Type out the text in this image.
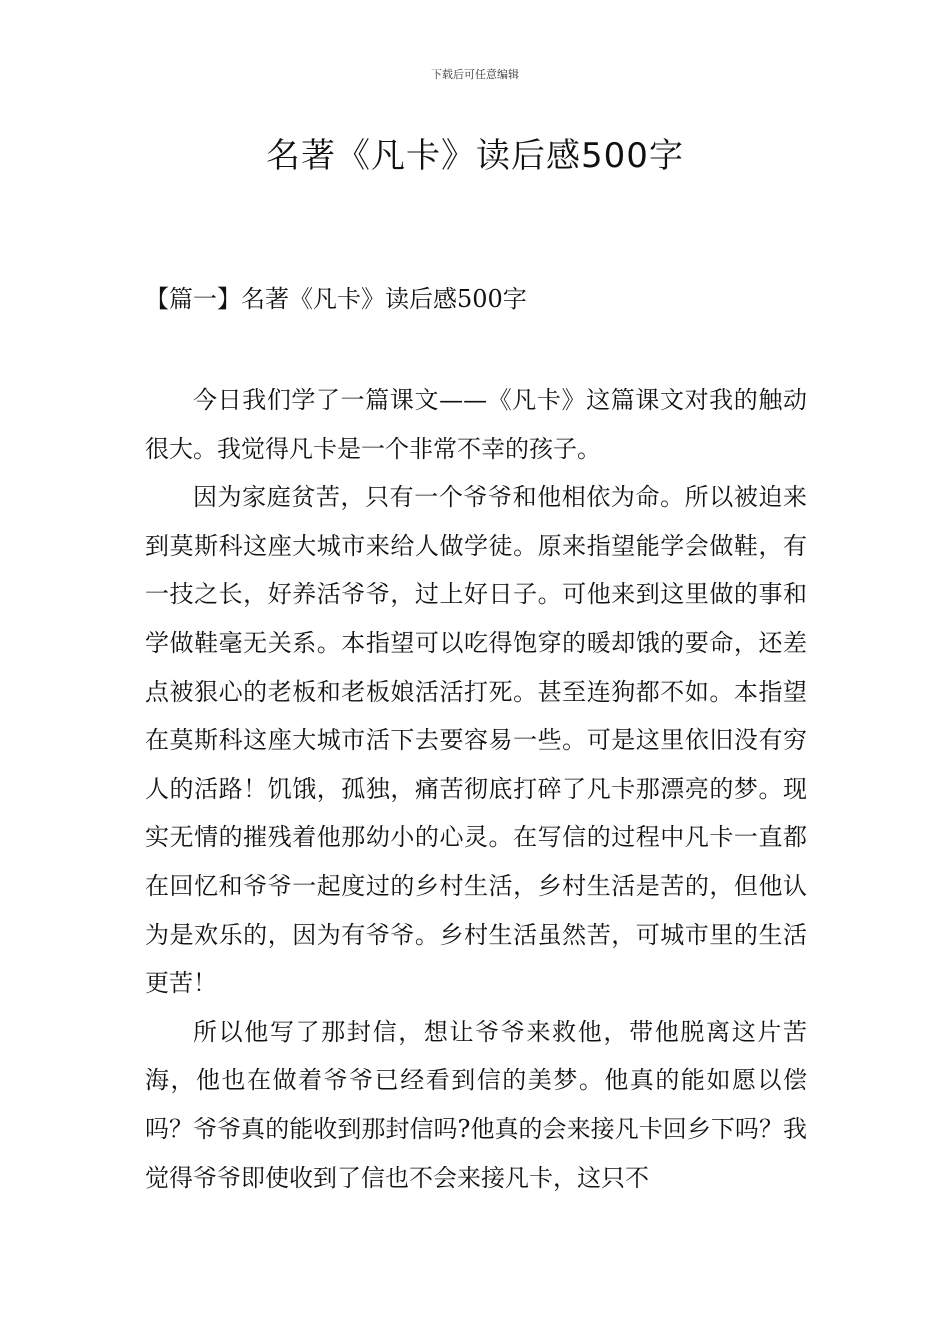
下载后可任意编辑
名著《凡卡》读后感500字
【篇一】名著《凡卡》读后感500字

今日我们学了一篇课文——《凡卡》这篇课文对我的触动很大。我觉得凡卡是一个非常不幸的孩子。

因为家庭贫苦，只有一个爷爷和他相依为命。所以被迫来到莫斯科这座大城市来给人做学徒。原来指望能学会做鞋，有一技之长，好养活爷爷，过上好日子。可他来到这里做的事和学做鞋毫无关系。本指望可以吃得饱穿的暖却饿的要命，还差点被狠心的老板和老板娘活活打死。甚至连狗都不如。本指望在莫斯科这座大城市活下去要容易一些。可是这里依旧没有穷人的活路！饥饿，孤独，痛苦彻底打碎了凡卡那漂亮的梦。现实无情的摧残着他那幼小的心灵。在写信的过程中凡卡一直都在回忆和爷爷一起度过的乡村生活，乡村生活是苦的，但他认为是欢乐的，因为有爷爷。乡村生活虽然苦，可城市里的生活更苦！

所以他写了那封信，想让爷爷来救他，带他脱离这片苦海，他也在做着爷爷已经看到信的美梦。他真的能如愿以偿吗？爷爷真的能收到那封信吗?他真的会来接凡卡回乡下吗？我觉得爷爷即使收到了信也不会来接凡卡，这只不
